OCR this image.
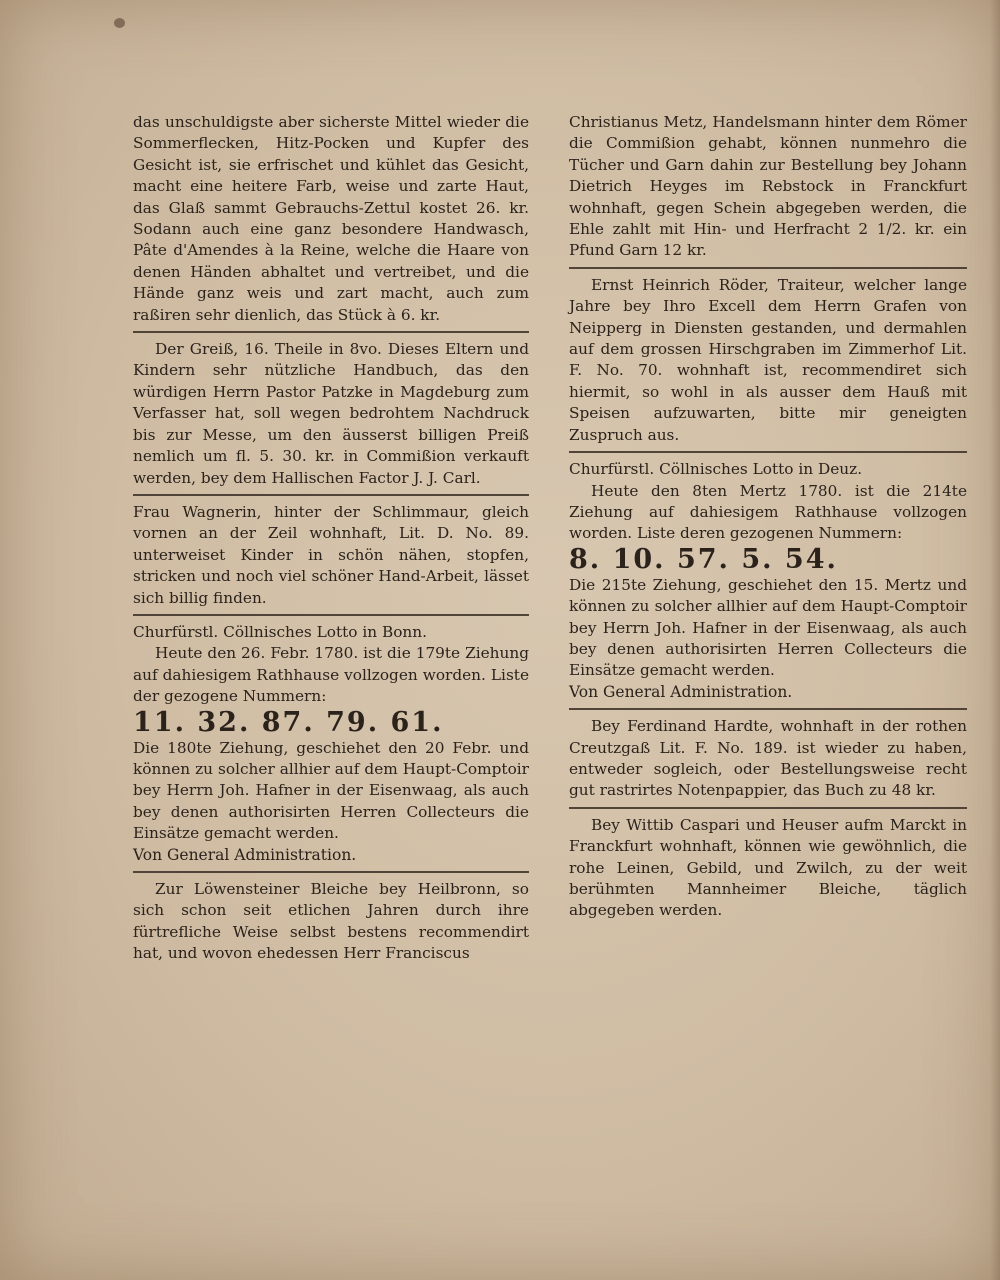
das unschuldigste aber sicherste Mittel wieder die Sommerflecken, Hitz-Pocken und Kupfer des Gesicht ist, sie erfrischet und kühlet das Gesicht, macht eine heitere Farb, weise und zarte Haut, das Glaß sammt Gebrauchs-Zettul kostet 26. kr. Sodann auch eine ganz besondere Handwasch, Pâte d'Amendes à la Reine, welche die Haare von denen Händen abhaltet und vertreibet, und die Hände ganz weis und zart macht, auch zum raßiren sehr dienlich, das Stück à 6. kr.

Der Greiß, 16. Theile in 8vo. Dieses Eltern und Kindern sehr nützliche Handbuch, das den würdigen Herrn Pastor Patzke in Magdeburg zum Verfasser hat, soll wegen bedrohtem Nachdruck bis zur Messe, um den äusserst billigen Preiß nemlich um fl. 5. 30. kr. in Commißion verkauft werden, bey dem Hallischen Factor J. J. Carl.

Frau Wagnerin, hinter der Schlimmaur, gleich vornen an der Zeil wohnhaft, Lit. D. No. 89. unterweiset Kinder in schön nähen, stopfen, stricken und noch viel schöner Hand-Arbeit, lässet sich billig finden.

Churfürstl. Cöllnisches Lotto in Bonn.

Heute den 26. Febr. 1780. ist die 179te Ziehung auf dahiesigem Rathhause vollzogen worden. Liste der gezogene Nummern:

11. 32. 87. 79. 61.

Die 180te Ziehung, geschiehet den 20 Febr. und können zu solcher allhier auf dem Haupt-Comptoir bey Herrn Joh. Hafner in der Eisenwaag, als auch bey denen authorisirten Herren Collecteurs die Einsätze gemacht werden.

Von General Administration.

Zur Löwensteiner Bleiche bey Heilbronn, so sich schon seit etlichen Jahren durch ihre fürtrefliche Weise selbst bestens recommendirt hat, und wovon ehedessen Herr Franciscus

Christianus Metz, Handelsmann hinter dem Römer die Commißion gehabt, können nunmehro die Tücher und Garn dahin zur Bestellung bey Johann Dietrich Heyges im Rebstock in Franckfurt wohnhaft, gegen Schein abgegeben werden, die Ehle zahlt mit Hin- und Herfracht 2 1/2. kr. ein Pfund Garn 12 kr.

Ernst Heinrich Röder, Traiteur, welcher lange Jahre bey Ihro Excell dem Herrn Grafen von Neipperg in Diensten gestanden, und dermahlen auf dem grossen Hirschgraben im Zimmerhof Lit. F. No. 70. wohnhaft ist, recommendiret sich hiermit, so wohl in als ausser dem Hauß mit Speisen aufzuwarten, bitte mir geneigten Zuspruch aus.

Churfürstl. Cöllnisches Lotto in Deuz.

Heute den 8ten Mertz 1780. ist die 214te Ziehung auf dahiesigem Rathhause vollzogen worden. Liste deren gezogenen Nummern:

8. 10. 57. 5. 54.

Die 215te Ziehung, geschiehet den 15. Mertz und können zu solcher allhier auf dem Haupt-Comptoir bey Herrn Joh. Hafner in der Eisenwaag, als auch bey denen authorisirten Herren Collecteurs die Einsätze gemacht werden.

Von General Administration.

Bey Ferdinand Hardte, wohnhaft in der rothen Creutzgaß Lit. F. No. 189. ist wieder zu haben, entweder sogleich, oder Bestellungsweise recht gut rastrirtes Notenpappier, das Buch zu 48 kr.

Bey Wittib Caspari und Heuser aufm Marckt in Franckfurt wohnhaft, können wie gewöhnlich, die rohe Leinen, Gebild, und Zwilch, zu der weit berühmten Mannheimer Bleiche, täglich abgegeben werden.
